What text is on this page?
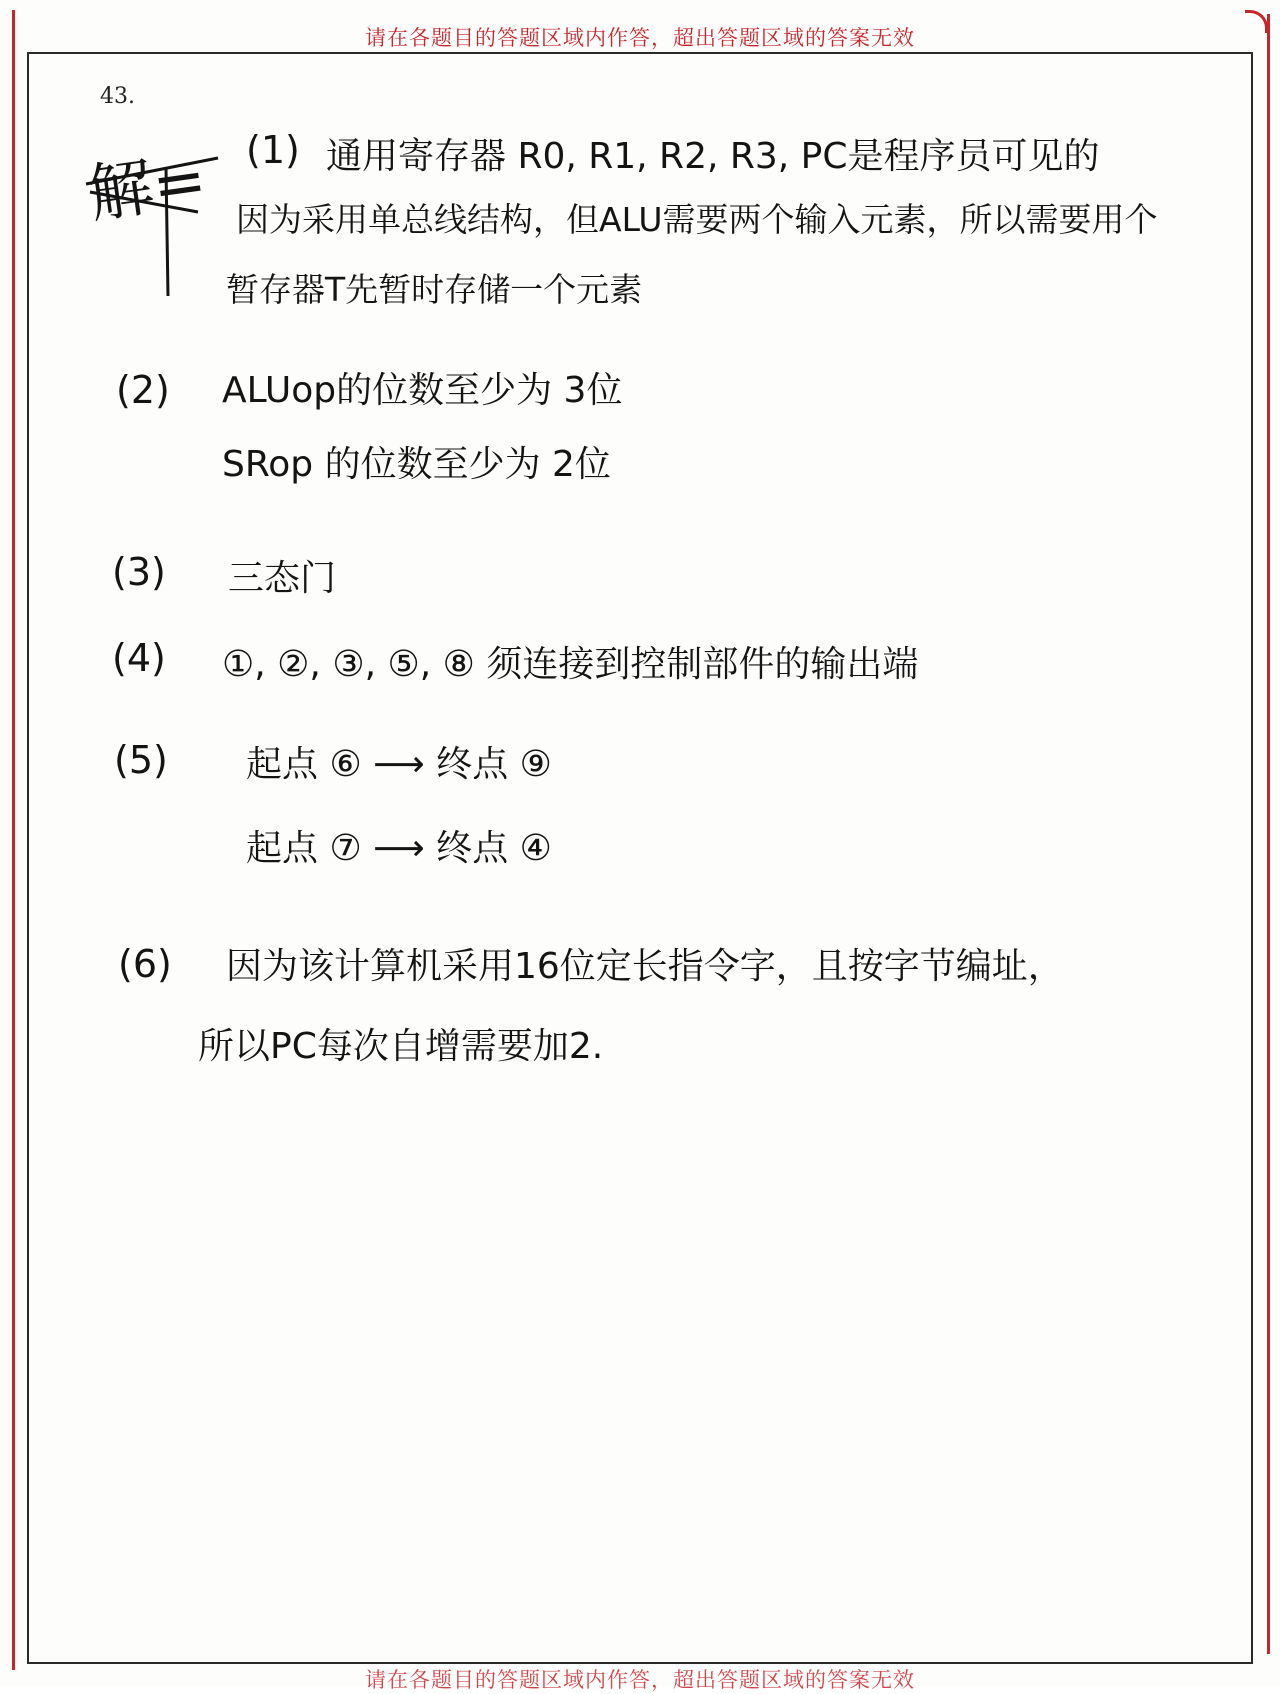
请在各题目的答题区域内作答，超出答题区域的答案无效
43.
解= (1) 通用寄存器 R0, R1, R2, R3, PC是程序员可见的
因为采用单总线结构，但ALU需要两个输入元素，所以需要用个
暂存器T先暂时存储一个元素
(2) ALUop的位数至少为 3位
SRop 的位数至少为 2位
(3) 三态门
(4) ①, ②, ③, ⑤, ⑧ 须连接到控制部件的输出端
(5) 起点 ⑥ ⟶ 终点 ⑨
起点 ⑦ ⟶ 终点 ④
(6) 因为该计算机采用16位定长指令字，且按字节编址，
所以PC每次自增需要加2.
请在各题目的答题区域内作答，超出答题区域的答案无效
